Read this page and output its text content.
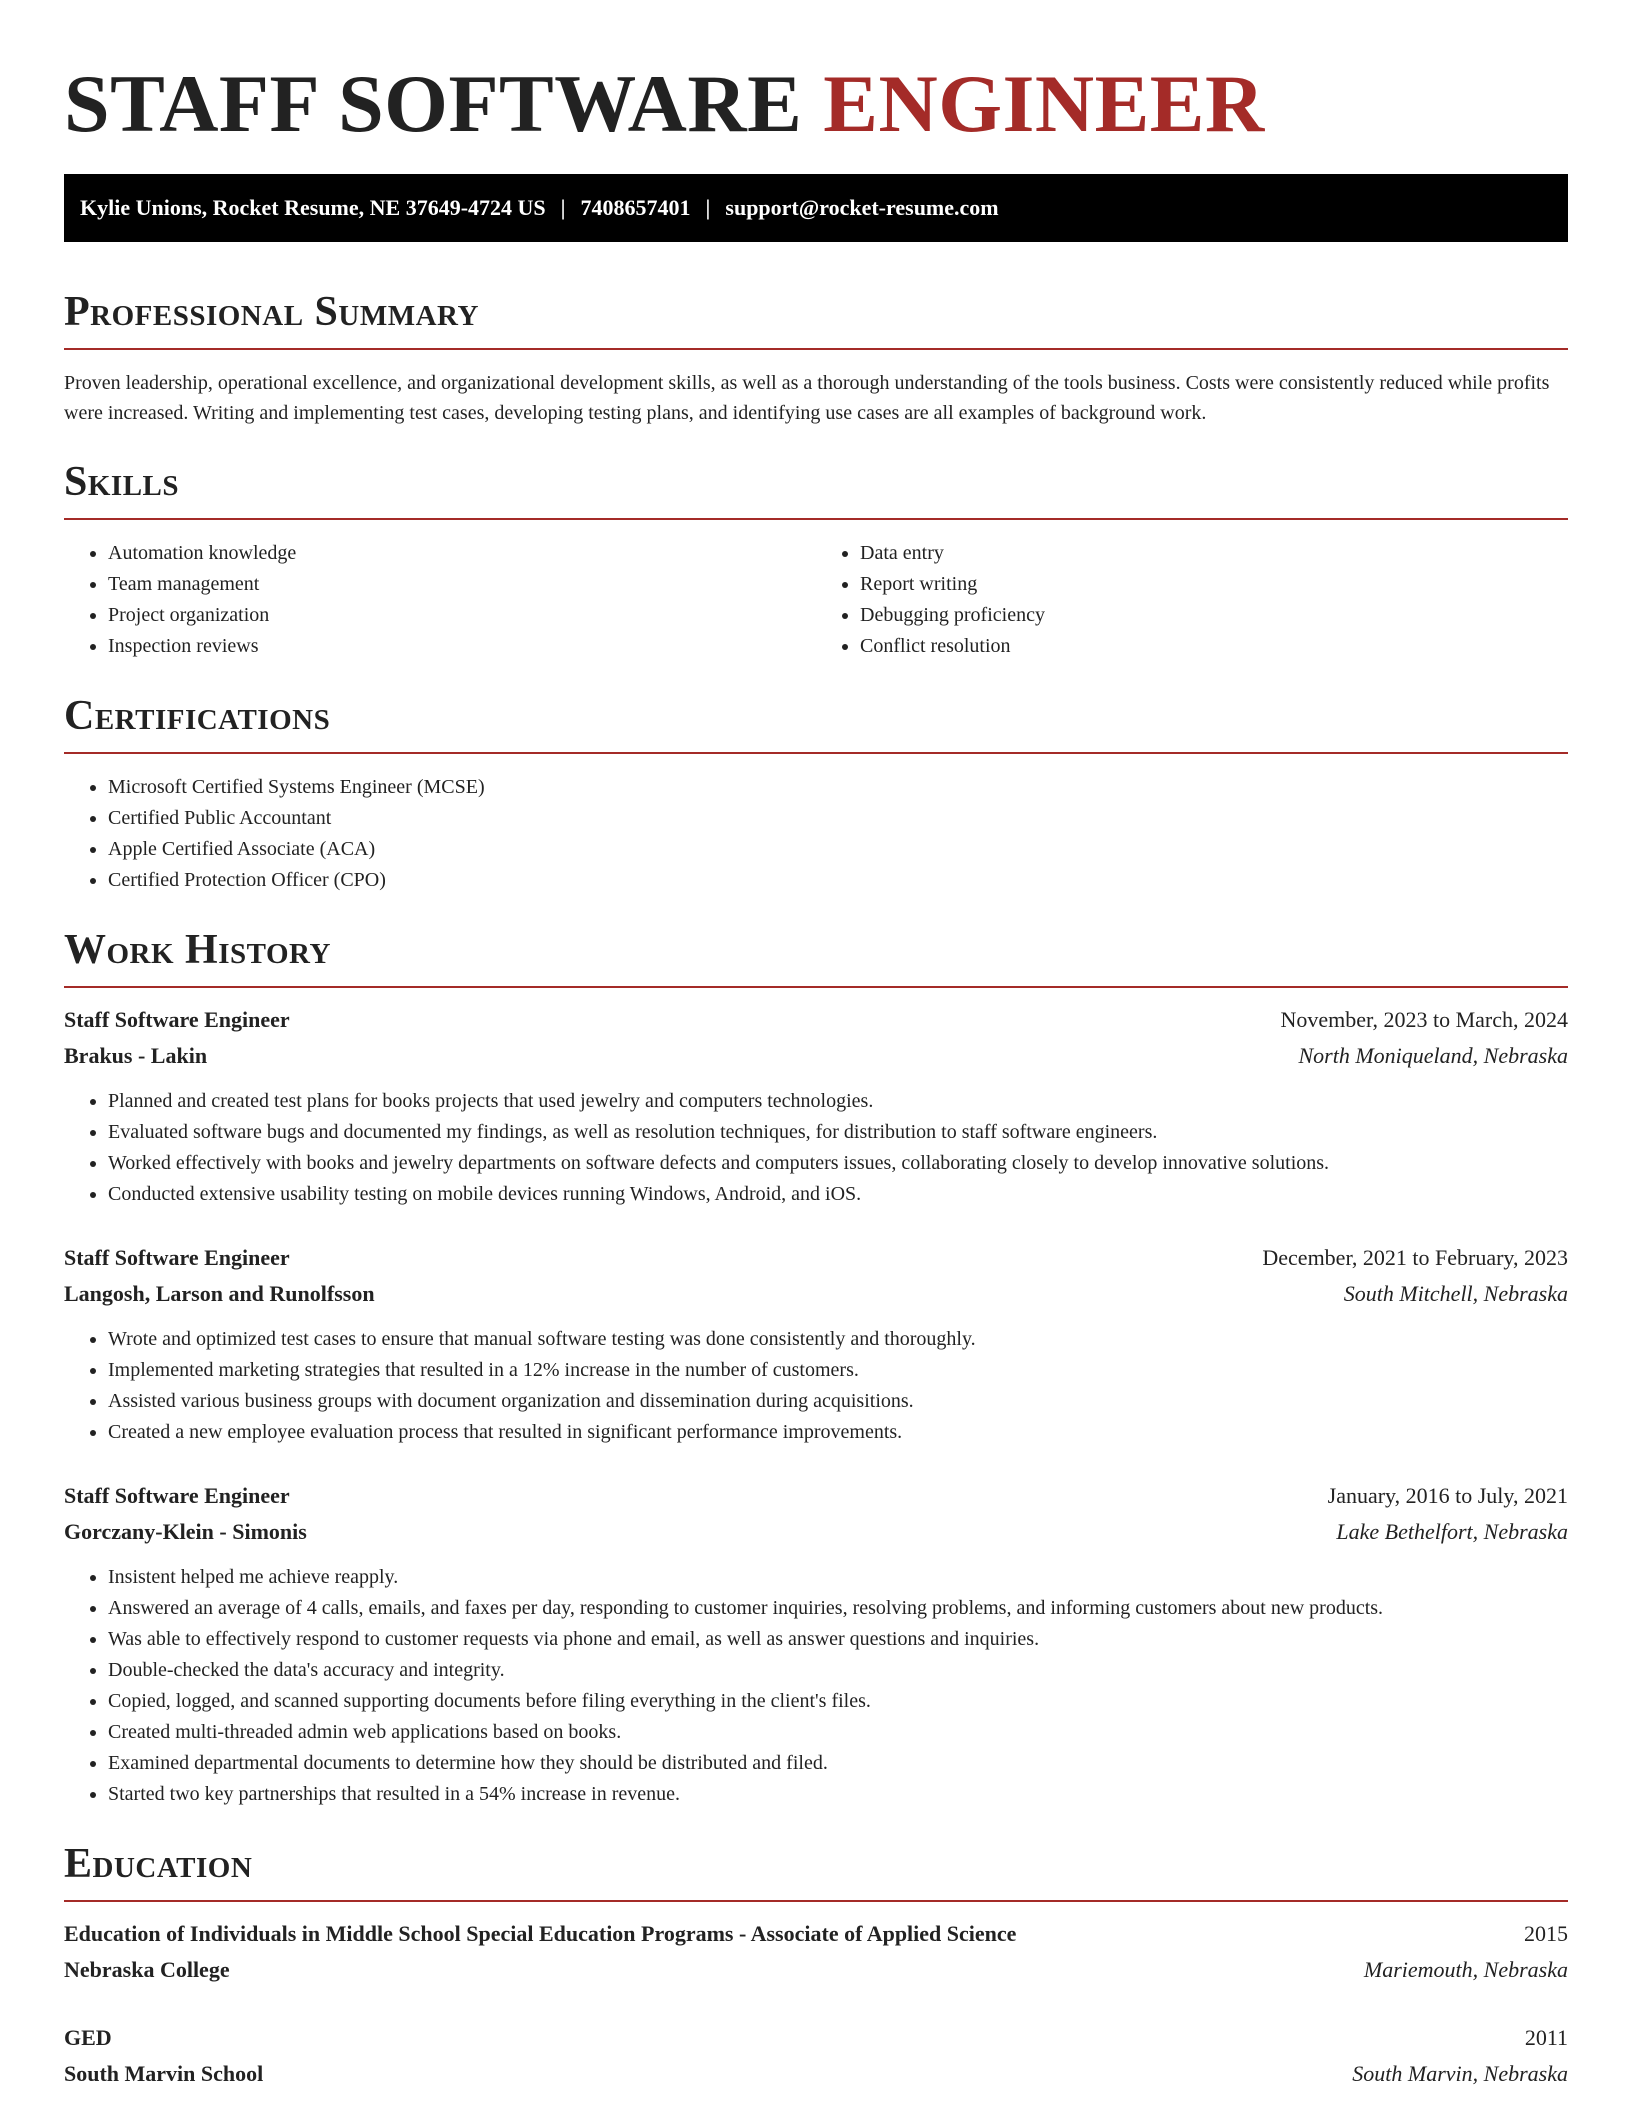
STAFF SOFTWARE ENGINEER
Kylie Unions, Rocket Resume, NE 37649-4724 US | 7408657401 | support@rocket-resume.com
Professional Summary

Proven leadership, operational excellence, and organizational development skills, as well as a thorough understanding of the tools business. Costs were consistently reduced while profits were increased. Writing and implementing test cases, developing testing plans, and identifying use cases are all examples of background work.

Skills
• Automation knowledge
• Team management
• Project organization
• Inspection reviews
• Data entry
• Report writing
• Debugging proficiency
• Conflict resolution
Certifications
• Microsoft Certified Systems Engineer (MCSE)
• Certified Public Accountant
• Apple Certified Associate (ACA)
• Certified Protection Officer (CPO)
Work History
Staff Software Engineer	November, 2023 to March, 2024
Brakus - Lakin	North Moniqueland, Nebraska
• Planned and created test plans for books projects that used jewelry and computers technologies.
• Evaluated software bugs and documented my findings, as well as resolution techniques, for distribution to staff software engineers.
• Worked effectively with books and jewelry departments on software defects and computers issues, collaborating closely to develop innovative solutions.
• Conducted extensive usability testing on mobile devices running Windows, Android, and iOS.
Staff Software Engineer	December, 2021 to February, 2023
Langosh, Larson and Runolfsson	South Mitchell, Nebraska
• Wrote and optimized test cases to ensure that manual software testing was done consistently and thoroughly.
• Implemented marketing strategies that resulted in a 12% increase in the number of customers.
• Assisted various business groups with document organization and dissemination during acquisitions.
• Created a new employee evaluation process that resulted in significant performance improvements.
Staff Software Engineer	January, 2016 to July, 2021
Gorczany-Klein - Simonis	Lake Bethelfort, Nebraska
• Insistent helped me achieve reapply.
• Answered an average of 4 calls, emails, and faxes per day, responding to customer inquiries, resolving problems, and informing customers about new products.
• Was able to effectively respond to customer requests via phone and email, as well as answer questions and inquiries.
• Double-checked the data's accuracy and integrity.
• Copied, logged, and scanned supporting documents before filing everything in the client's files.
• Created multi-threaded admin web applications based on books.
• Examined departmental documents to determine how they should be distributed and filed.
• Started two key partnerships that resulted in a 54% increase in revenue.
Education
Education of Individuals in Middle School Special Education Programs - Associate of Applied Science	2015
Nebraska College	Mariemouth, Nebraska
GED	2011
South Marvin School	South Marvin, Nebraska
